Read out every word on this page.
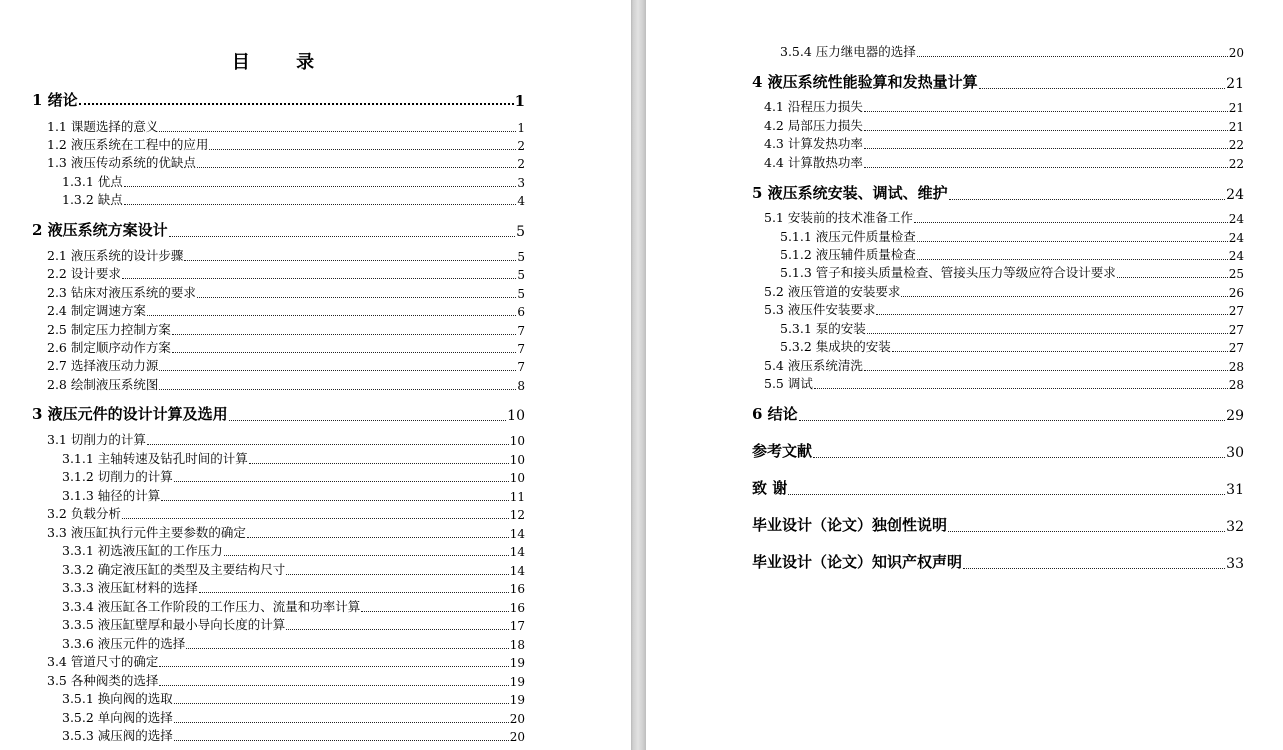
目 录
1 绪论	1
1.1 课题选择的意义	1
1.2 液压系统在工程中的应用	2
1.3 液压传动系统的优缺点	2
1.3.1 优点	3
1.3.2 缺点	4
2 液压系统方案设计	5
2.1 液压系统的设计步骤	5
2.2 设计要求	5
2.3 钻床对液压系统的要求	5
2.4 制定调速方案	6
2.5 制定压力控制方案	7
2.6 制定顺序动作方案	7
2.7 选择液压动力源	7
2.8 绘制液压系统图	8
3 液压元件的设计计算及选用	10
3.1 切削力的计算	10
3.1.1 主轴转速及钻孔时间的计算	10
3.1.2 切削力的计算	10
3.1.3 轴径的计算	11
3.2 负载分析	12
3.3 液压缸执行元件主要参数的确定	14
3.3.1 初选液压缸的工作压力	14
3.3.2 确定液压缸的类型及主要结构尺寸	14
3.3.3 液压缸材料的选择	16
3.3.4 液压缸各工作阶段的工作压力、流量和功率计算	16
3.3.5 液压缸壁厚和最小导向长度的计算	17
3.3.6 液压元件的选择	18
3.4 管道尺寸的确定	19
3.5 各种阀类的选择	19
3.5.1 换向阀的选取	19
3.5.2 单向阀的选择	20
3.5.3 减压阀的选择	20
3.5.4 压力继电器的选择	20
4 液压系统性能验算和发热量计算	21
4.1 沿程压力损失	21
4.2 局部压力损失	21
4.3 计算发热功率	22
4.4 计算散热功率	22
5 液压系统安装、调试、维护	24
5.1 安装前的技术准备工作	24
5.1.1 液压元件质量检查	24
5.1.2 液压辅件质量检查	24
5.1.3 管子和接头质量检查、管接头压力等级应符合设计要求	25
5.2 液压管道的安装要求	26
5.3 液压件安装要求	27
5.3.1 泵的安装	27
5.3.2 集成块的安装	27
5.4 液压系统清洗	28
5.5 调试	28
6 结论	29
参考文献	30
致 谢	31
毕业设计（论文）独创性说明	32
毕业设计（论文）知识产权声明	33
